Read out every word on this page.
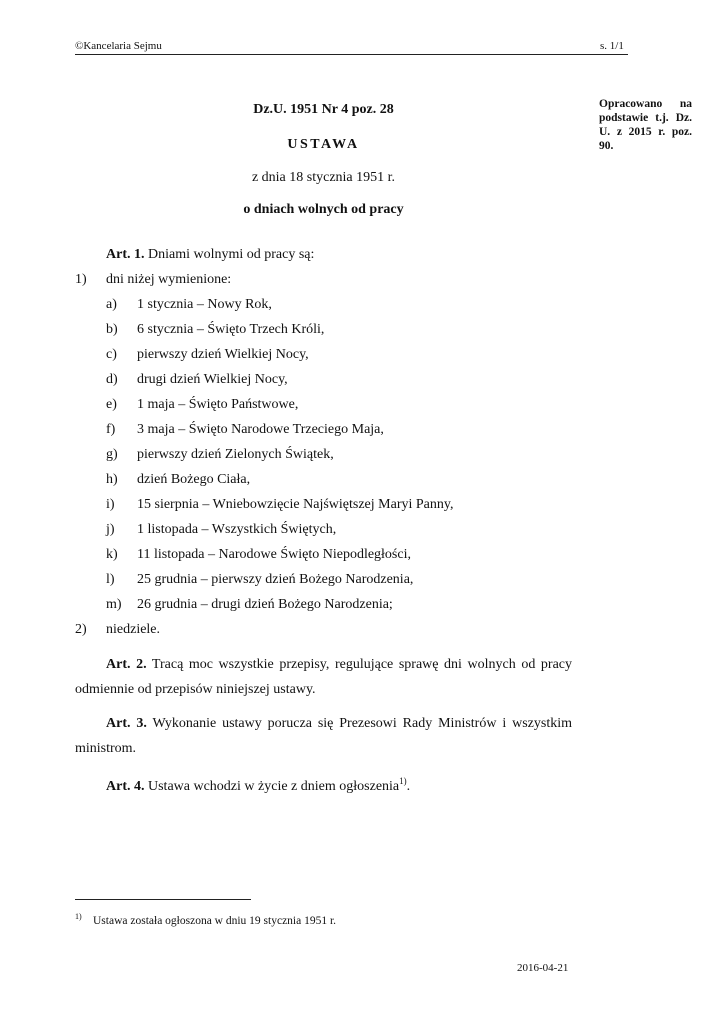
©Kancelaria Sejmu	s. 1/1
Opracowano na podstawie t.j. Dz. U. z 2015 r. poz. 90.
Dz.U. 1951 Nr 4 poz. 28
USTAWA
z dnia 18 stycznia 1951 r.
o dniach wolnych od pracy
Art. 1. Dniami wolnymi od pracy są:
1) dni niżej wymienione:
a) 1 stycznia – Nowy Rok,
b) 6 stycznia – Święto Trzech Króli,
c) pierwszy dzień Wielkiej Nocy,
d) drugi dzień Wielkiej Nocy,
e) 1 maja – Święto Państwowe,
f) 3 maja – Święto Narodowe Trzeciego Maja,
g) pierwszy dzień Zielonych Świątek,
h) dzień Bożego Ciała,
i) 15 sierpnia – Wniebowzięcie Najświętszej Maryi Panny,
j) 1 listopada – Wszystkich Świętych,
k) 11 listopada – Narodowe Święto Niepodległości,
l) 25 grudnia – pierwszy dzień Bożego Narodzenia,
m) 26 grudnia – drugi dzień Bożego Narodzenia;
2) niedziele.
Art. 2. Tracą moc wszystkie przepisy, regulujące sprawę dni wolnych od pracy odmiennie od przepisów niniejszej ustawy.
Art. 3. Wykonanie ustawy porucza się Prezesowi Rady Ministrów i wszystkim ministrom.
Art. 4. Ustawa wchodzi w życie z dniem ogłoszenia$^{1)}$.
1) Ustawa została ogłoszona w dniu 19 stycznia 1951 r.
2016-04-21
